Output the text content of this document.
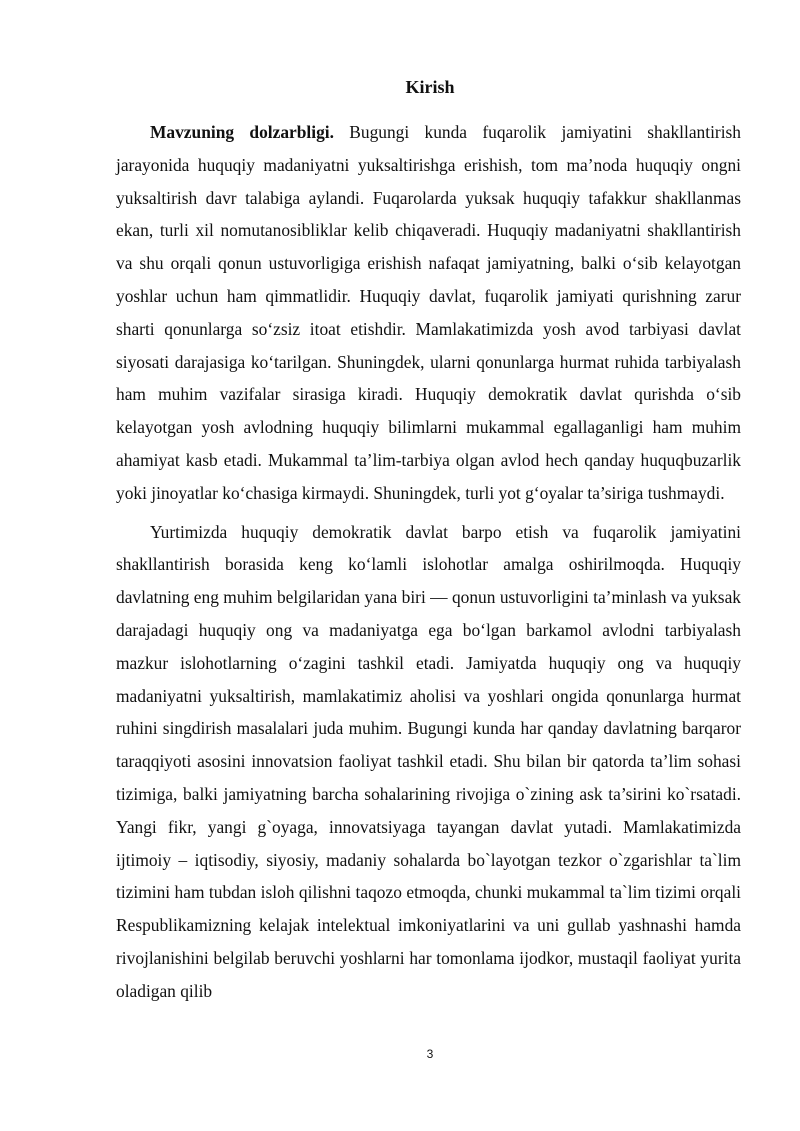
Kirish

Mavzuning dolzarbligi. Bugungi kunda fuqarolik jamiyatini shakllantirish jarayonida huquqiy madaniyatni yuksaltirishga erishish, tom ma’noda huquqiy ongni yuksaltirish davr talabiga aylandi. Fuqarolarda yuksak huquqiy tafakkur shakllanmas ekan, turli xil nomutanosibliklar kelib chiqaveradi. Huquqiy madaniyatni shakllantirish va shu orqali qonun ustuvorligiga erishish nafaqat jamiyatning, balki o‘sib kelayotgan yoshlar uchun ham qimmatlidir. Huquqiy davlat, fuqarolik jamiyati qurishning zarur sharti qonunlarga so‘zsiz itoat etishdir. Mamlakatimizda yosh avod tarbiyasi davlat siyosati darajasiga ko‘tarilgan. Shuningdek, ularni qonunlarga hurmat ruhida tarbiyalash ham muhim vazifalar sirasiga kiradi. Huquqiy demokratik davlat qurishda o‘sib kelayotgan yosh avlodning huquqiy bilimlarni mukammal egallaganligi ham muhim ahamiyat kasb etadi. Mukammal ta’lim-tarbiya olgan avlod hech qanday huquqbuzarlik yoki jinoyatlar ko‘chasiga kirmaydi. Shuningdek, turli yot g‘oyalar ta’siriga tushmaydi.

Yurtimizda huquqiy demokratik davlat barpo etish va fuqarolik jamiyatini shakllantirish borasida keng ko‘lamli islohotlar amalga oshirilmoqda. Huquqiy davlatning eng muhim belgilaridan yana biri — qonun ustuvorligini ta’minlash va yuksak darajadagi huquqiy ong va madaniyatga ega bo‘lgan barkamol avlodni tarbiyalash mazkur islohotlarning o‘zagini tashkil etadi. Jamiyatda huquqiy ong va huquqiy madaniyatni yuksaltirish, mamlakatimiz aholisi va yoshlari ongida qonunlarga hurmat ruhini singdirish masalalari juda muhim. Bugungi kunda har qanday davlatning barqaror taraqqiyoti asosini innovatsion faoliyat tashkil etadi. Shu bilan bir qatorda ta’lim sohasi tizimiga, balki jamiyatning barcha sohalarining rivojiga o`zining ask ta’sirini ko`rsatadi. Yangi fikr, yangi g`oyaga, innovatsiyaga tayangan davlat yutadi. Mamlakatimizda ijtimoiy – iqtisodiy, siyosiy, madaniy sohalarda bo`layotgan tezkor o`zgarishlar ta`lim tizimini ham tubdan isloh qilishni taqozo etmoqda, chunki mukammal ta`lim tizimi orqali Respublikamizning kelajak intelektual imkoniyatlarini va uni gullab yashnashi hamda rivojlanishini belgilab beruvchi yoshlarni har tomonlama ijodkor, mustaqil faoliyat yurita oladigan qilib

3
